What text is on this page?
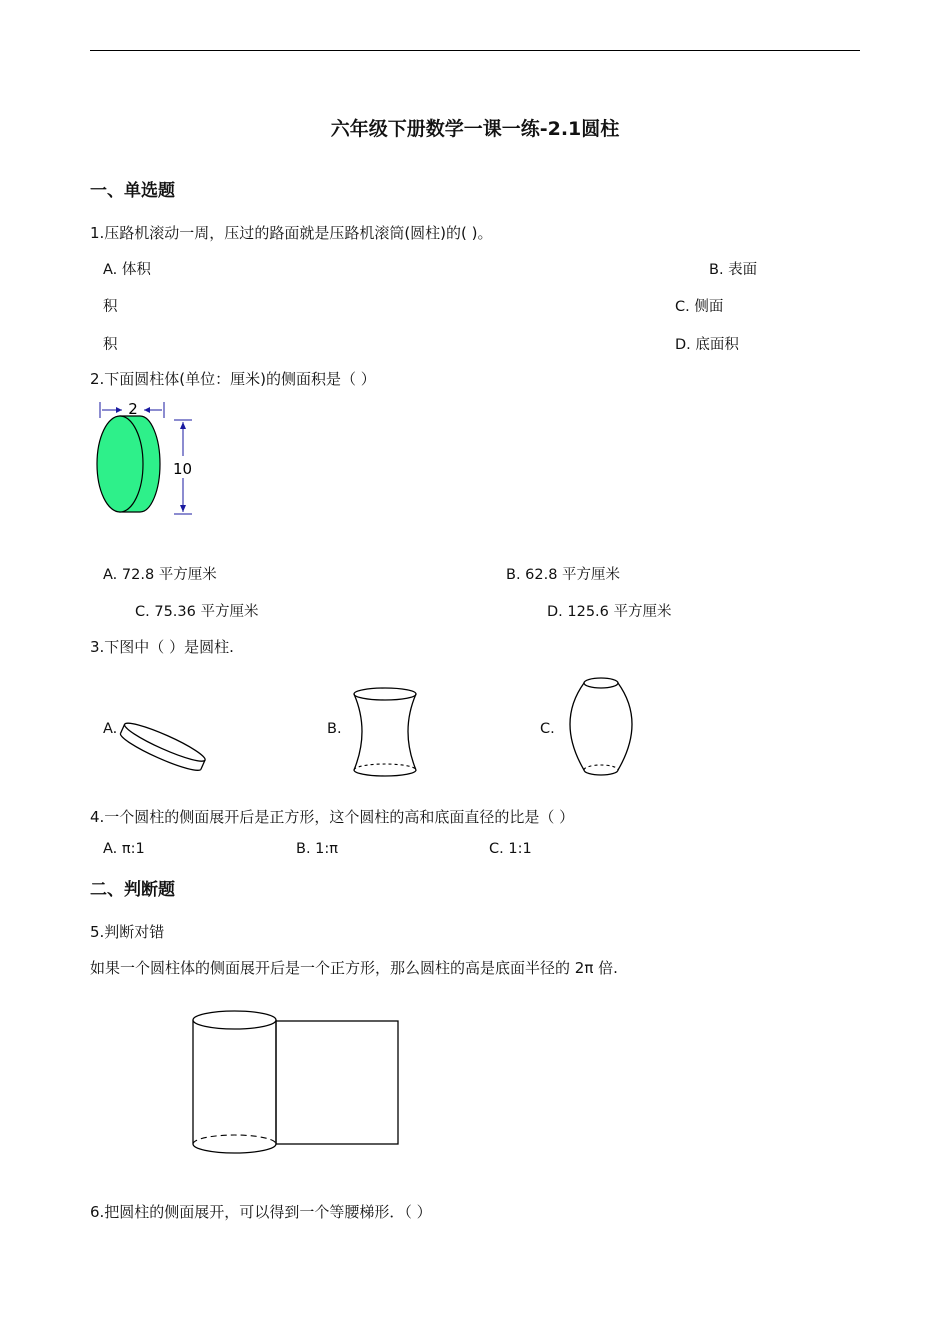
六年级下册数学一课一练-2.1圆柱
一、单选题
1.压路机滚动一周，压过的路面就是压路机滚筒(圆柱)的( )。
A. 体积	B. 表面
积	C. 侧面
积	D. 底面积
2.下面圆柱体(单位：厘米)的侧面积是（ ）
2
10
A. 72.8 平方厘米	B. 62.8 平方厘米
C. 75.36 平方厘米	D. 125.6 平方厘米
3.下图中（ ）是圆柱.
A.	B.	C.
4.一个圆柱的侧面展开后是正方形，这个圆柱的高和底面直径的比是（ ）
A. π:1	B. 1:π	C. 1:1
二、判断题
5.判断对错
如果一个圆柱体的侧面展开后是一个正方形，那么圆柱的高是底面半径的 2π 倍.
6.把圆柱的侧面展开，可以得到一个等腰梯形．（ ）
